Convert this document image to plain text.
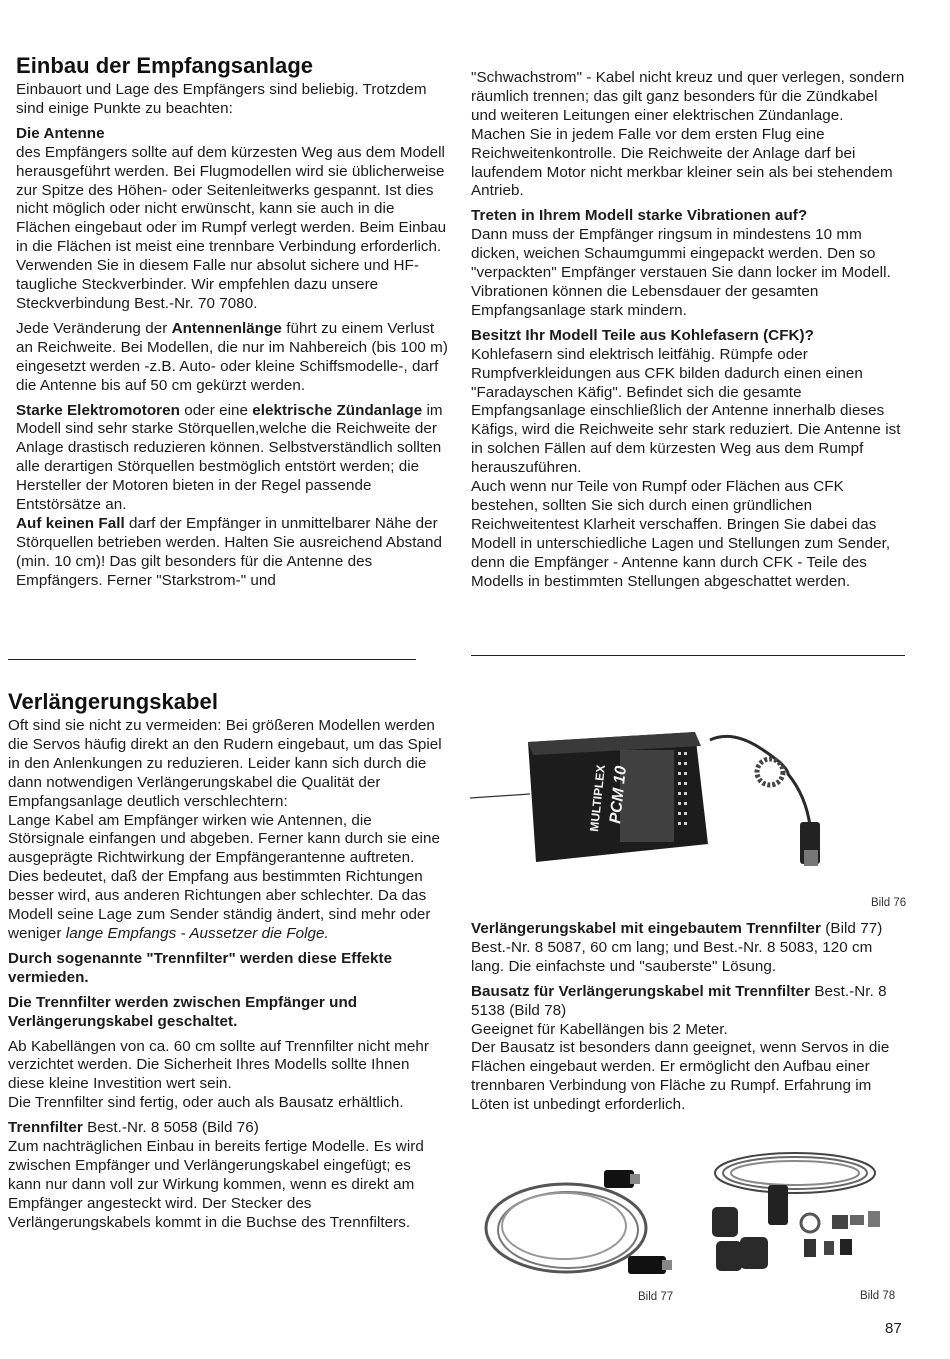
Einbau der Empfangsanlage

Einbauort und Lage des Empfängers sind beliebig. Trotzdem sind einige Punkte zu beachten:

Die Antenne

des Empfängers sollte auf dem kürzesten Weg aus dem Modell herausgeführt werden. Bei Flugmodellen wird sie üblicherweise zur Spitze des Höhen- oder Seitenleitwerks gespannt. Ist dies nicht möglich oder nicht erwünscht, kann sie auch in die Flächen eingebaut oder im Rumpf verlegt werden. Beim Einbau in die Flächen ist meist eine trennbare Verbindung erforderlich. Verwenden Sie in diesem Falle nur absolut sichere und HF-taugliche Steckverbinder. Wir empfehlen dazu unsere Steckverbindung Best.-Nr. 70 7080.

Jede Veränderung der Antennenlänge führt zu einem Verlust an Reichweite. Bei Modellen, die nur im Nahbereich (bis 100 m) eingesetzt werden -z.B. Auto- oder kleine Schiffsmodelle-, darf die Antenne bis auf 50 cm gekürzt werden.

Starke Elektromotoren oder eine elektrische Zündanlage im Modell sind sehr starke Störquellen,welche die Reichweite der Anlage drastisch reduzieren können. Selbstverständlich sollten alle derartigen Störquellen bestmöglich entstört werden; die Hersteller der Motoren bieten in der Regel passende Entstörsätze an.

Auf keinen Fall darf der Empfänger in unmittelbarer Nähe der Störquellen betrieben werden. Halten Sie ausreichend Abstand (min. 10 cm)! Das gilt besonders für die Antenne des Empfängers. Ferner "Starkstrom-" und

"Schwachstrom" - Kabel nicht kreuz und quer verlegen, sondern räumlich trennen; das gilt ganz besonders für die Zündkabel und weiteren Leitungen einer elektrischen Zündanlage.

Machen Sie in jedem Falle vor dem ersten Flug eine Reichweitenkontrolle. Die Reichweite der Anlage darf bei laufendem Motor nicht merkbar kleiner sein als bei stehendem Antrieb.

Treten in Ihrem Modell starke Vibrationen auf?

Dann muss der Empfänger ringsum in mindestens 10 mm dicken, weichen Schaumgummi eingepackt werden. Den so "verpackten" Empfänger verstauen Sie dann locker im Modell. Vibrationen können die Lebensdauer der gesamten Empfangsanlage stark mindern.

Besitzt Ihr Modell Teile aus Kohlefasern (CFK)?

Kohlefasern sind elektrisch leitfähig. Rümpfe oder Rumpfverkleidungen aus CFK bilden dadurch einen einen "Faradayschen Käfig". Befindet sich die gesamte Empfangsanlage einschließlich der Antenne innerhalb dieses Käfigs, wird die Reichweite sehr stark reduziert. Die Antenne ist in solchen Fällen auf dem kürzesten Weg aus dem Rumpf herauszuführen.

Auch wenn nur Teile von Rumpf oder Flächen aus CFK bestehen, sollten Sie sich durch einen gründlichen Reichweitentest Klarheit verschaffen. Bringen Sie dabei das Modell in unterschiedliche Lagen und Stellungen zum Sender, denn die Empfänger - Antenne kann durch CFK - Teile des Modells in bestimmten Stellungen abgeschattet werden.

Verlängerungskabel

Oft sind sie nicht zu vermeiden: Bei größeren Modellen werden die Servos häufig direkt an den Rudern eingebaut, um das Spiel in den Anlenkungen zu reduzieren. Leider kann sich durch die dann notwendigen Verlängerungskabel die Qualität der Empfangsanlage deutlich verschlechtern:

Lange Kabel am Empfänger wirken wie Antennen, die Störsignale einfangen und abgeben. Ferner kann durch sie eine ausgeprägte Richtwirkung der Empfängerantenne auftreten. Dies bedeutet, daß der Empfang aus bestimmten Richtungen besser wird, aus anderen Richtungen aber schlechter. Da das Modell seine Lage zum Sender ständig ändert, sind mehr oder weniger lange Empfangs - Aussetzer die Folge.

Durch sogenannte "Trennfilter" werden diese Effekte vermieden.

Die Trennfilter werden zwischen Empfänger und Verlängerungskabel geschaltet.

Ab Kabellängen von ca. 60 cm sollte auf Trennfilter nicht mehr verzichtet werden. Die Sicherheit Ihres Modells sollte Ihnen diese kleine Investition wert sein.

Die Trennfilter sind fertig, oder auch als Bausatz erhältlich.

Trennfilter Best.-Nr. 8 5058 (Bild 76)

Zum nachträglichen Einbau in bereits fertige Modelle. Es wird zwischen Empfänger und Verlängerungskabel eingefügt; es kann nur dann voll zur Wirkung kommen, wenn es direkt am Empfänger angesteckt wird. Der Stecker des Verlängerungskabels kommt in die Buchse des Trennfilters.

Verlängerungskabel mit eingebautem Trennfilter (Bild 77) Best.-Nr. 8 5087, 60 cm lang; und Best.-Nr. 8 5083, 120 cm lang. Die einfachste und "sauberste" Lösung.

Bausatz für Verlängerungskabel mit Trennfilter Best.-Nr. 8 5138 (Bild 78)

Geeignet für Kabellängen bis 2 Meter.

Der Bausatz ist besonders dann geeignet, wenn Servos in die Flächen eingebaut werden. Er ermöglicht den Aufbau einer trennbaren Verbindung von Fläche zu Rumpf. Erfahrung im Löten ist unbedingt erforderlich.

MULTIPLEX PCM 10
Bild 76
Bild 77	Bild 78
87
